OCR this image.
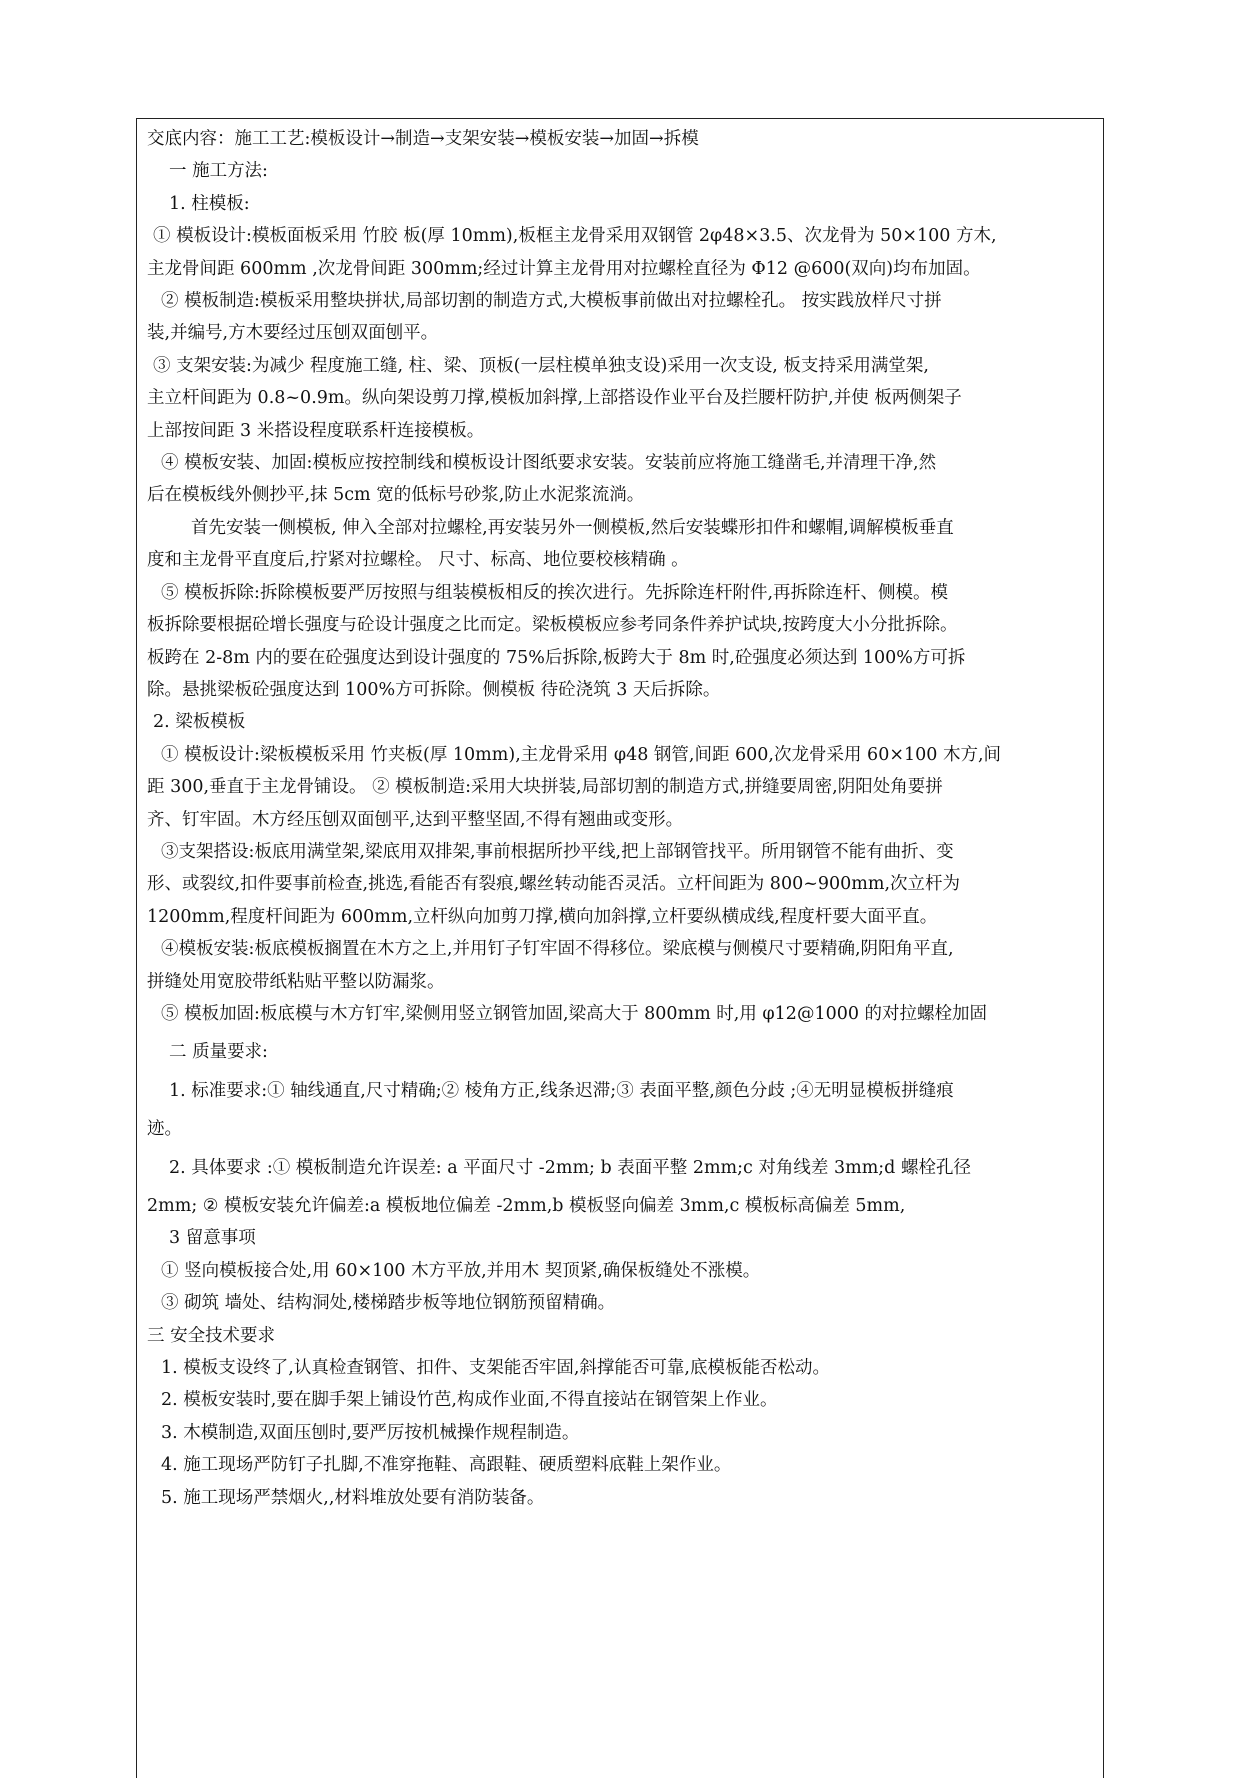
交底内容：施工工艺:模板设计→制造→支架安装→模板安装→加固→拆模
一 施工方法:
1. 柱模板:
① 模板设计:模板面板采用 竹胶 板(厚 10mm),板框主龙骨采用双钢管 2φ48×3.5、次龙骨为 50×100 方木,
主龙骨间距 600mm ,次龙骨间距 300mm;经过计算主龙骨用对拉螺栓直径为 Φ12 @600(双向)均布加固。
② 模板制造:模板采用整块拼状,局部切割的制造方式,大模板事前做出对拉螺栓孔。 按实践放样尺寸拼
装,并编号,方木要经过压刨双面刨平。
③ 支架安装:为减少 程度施工缝, 柱、梁、顶板(一层柱模单独支设)采用一次支设, 板支持采用满堂架,
主立杆间距为 0.8~0.9m。纵向架设剪刀撑,模板加斜撑,上部搭设作业平台及拦腰杆防护,并使 板两侧架子
上部按间距 3 米搭设程度联系杆连接模板。
④ 模板安装、加固:模板应按控制线和模板设计图纸要求安装。安装前应将施工缝凿毛,并清理干净,然
后在模板线外侧抄平,抹 5cm 宽的低标号砂浆,防止水泥浆流淌。
首先安装一侧模板, 伸入全部对拉螺栓,再安装另外一侧模板,然后安装蝶形扣件和螺帽,调解模板垂直
度和主龙骨平直度后,拧紧对拉螺栓。 尺寸、标高、地位要校核精确 。
⑤ 模板拆除:拆除模板要严厉按照与组装模板相反的挨次进行。先拆除连杆附件,再拆除连杆、侧模。模
板拆除要根据砼增长强度与砼设计强度之比而定。梁板模板应参考同条件养护试块,按跨度大小分批拆除。
板跨在 2-8m 内的要在砼强度达到设计强度的 75%后拆除,板跨大于 8m 时,砼强度必须达到 100%方可拆
除。悬挑梁板砼强度达到 100%方可拆除。侧模板 待砼浇筑 3 天后拆除。
2. 梁板模板
① 模板设计:梁板模板采用 竹夹板(厚 10mm),主龙骨采用 φ48 钢管,间距 600,次龙骨采用 60×100 木方,间
距 300,垂直于主龙骨铺设。 ② 模板制造:采用大块拼装,局部切割的制造方式,拼缝要周密,阴阳处角要拼
齐、钉牢固。木方经压刨双面刨平,达到平整坚固,不得有翘曲或变形。
③支架搭设:板底用满堂架,梁底用双排架,事前根据所抄平线,把上部钢管找平。所用钢管不能有曲折、变
形、或裂纹,扣件要事前检查,挑选,看能否有裂痕,螺丝转动能否灵活。立杆间距为 800~900mm,次立杆为
1200mm,程度杆间距为 600mm,立杆纵向加剪刀撑,横向加斜撑,立杆要纵横成线,程度杆要大面平直。
④模板安装:板底模板搁置在木方之上,并用钉子钉牢固不得移位。梁底模与侧模尺寸要精确,阴阳角平直,
拼缝处用宽胶带纸粘贴平整以防漏浆。
⑤ 模板加固:板底模与木方钉牢,梁侧用竖立钢管加固,梁高大于 800mm 时,用 φ12@1000 的对拉螺栓加固
二 质量要求:
1. 标准要求:① 轴线通直,尺寸精确;② 棱角方正,线条迟滞;③ 表面平整,颜色分歧 ;④无明显模板拼缝痕
迹。
2. 具体要求 :① 模板制造允许误差: a 平面尺寸 -2mm; b 表面平整 2mm;c 对角线差 3mm;d 螺栓孔径
2mm; ② 模板安装允许偏差:a 模板地位偏差 -2mm,b 模板竖向偏差 3mm,c 模板标高偏差 5mm,
3 留意事项
① 竖向模板接合处,用 60×100 木方平放,并用木 契顶紧,确保板缝处不涨模。
③ 砌筑 墙处、结构洞处,楼梯踏步板等地位钢筋预留精确。
三 安全技术要求
1. 模板支设终了,认真检查钢管、扣件、支架能否牢固,斜撑能否可靠,底模板能否松动。
2. 模板安装时,要在脚手架上铺设竹芭,构成作业面,不得直接站在钢管架上作业。
3. 木模制造,双面压刨时,要严厉按机械操作规程制造。
4. 施工现场严防钉子扎脚,不准穿拖鞋、高跟鞋、硬质塑料底鞋上架作业。
5. 施工现场严禁烟火,,材料堆放处要有消防装备。
